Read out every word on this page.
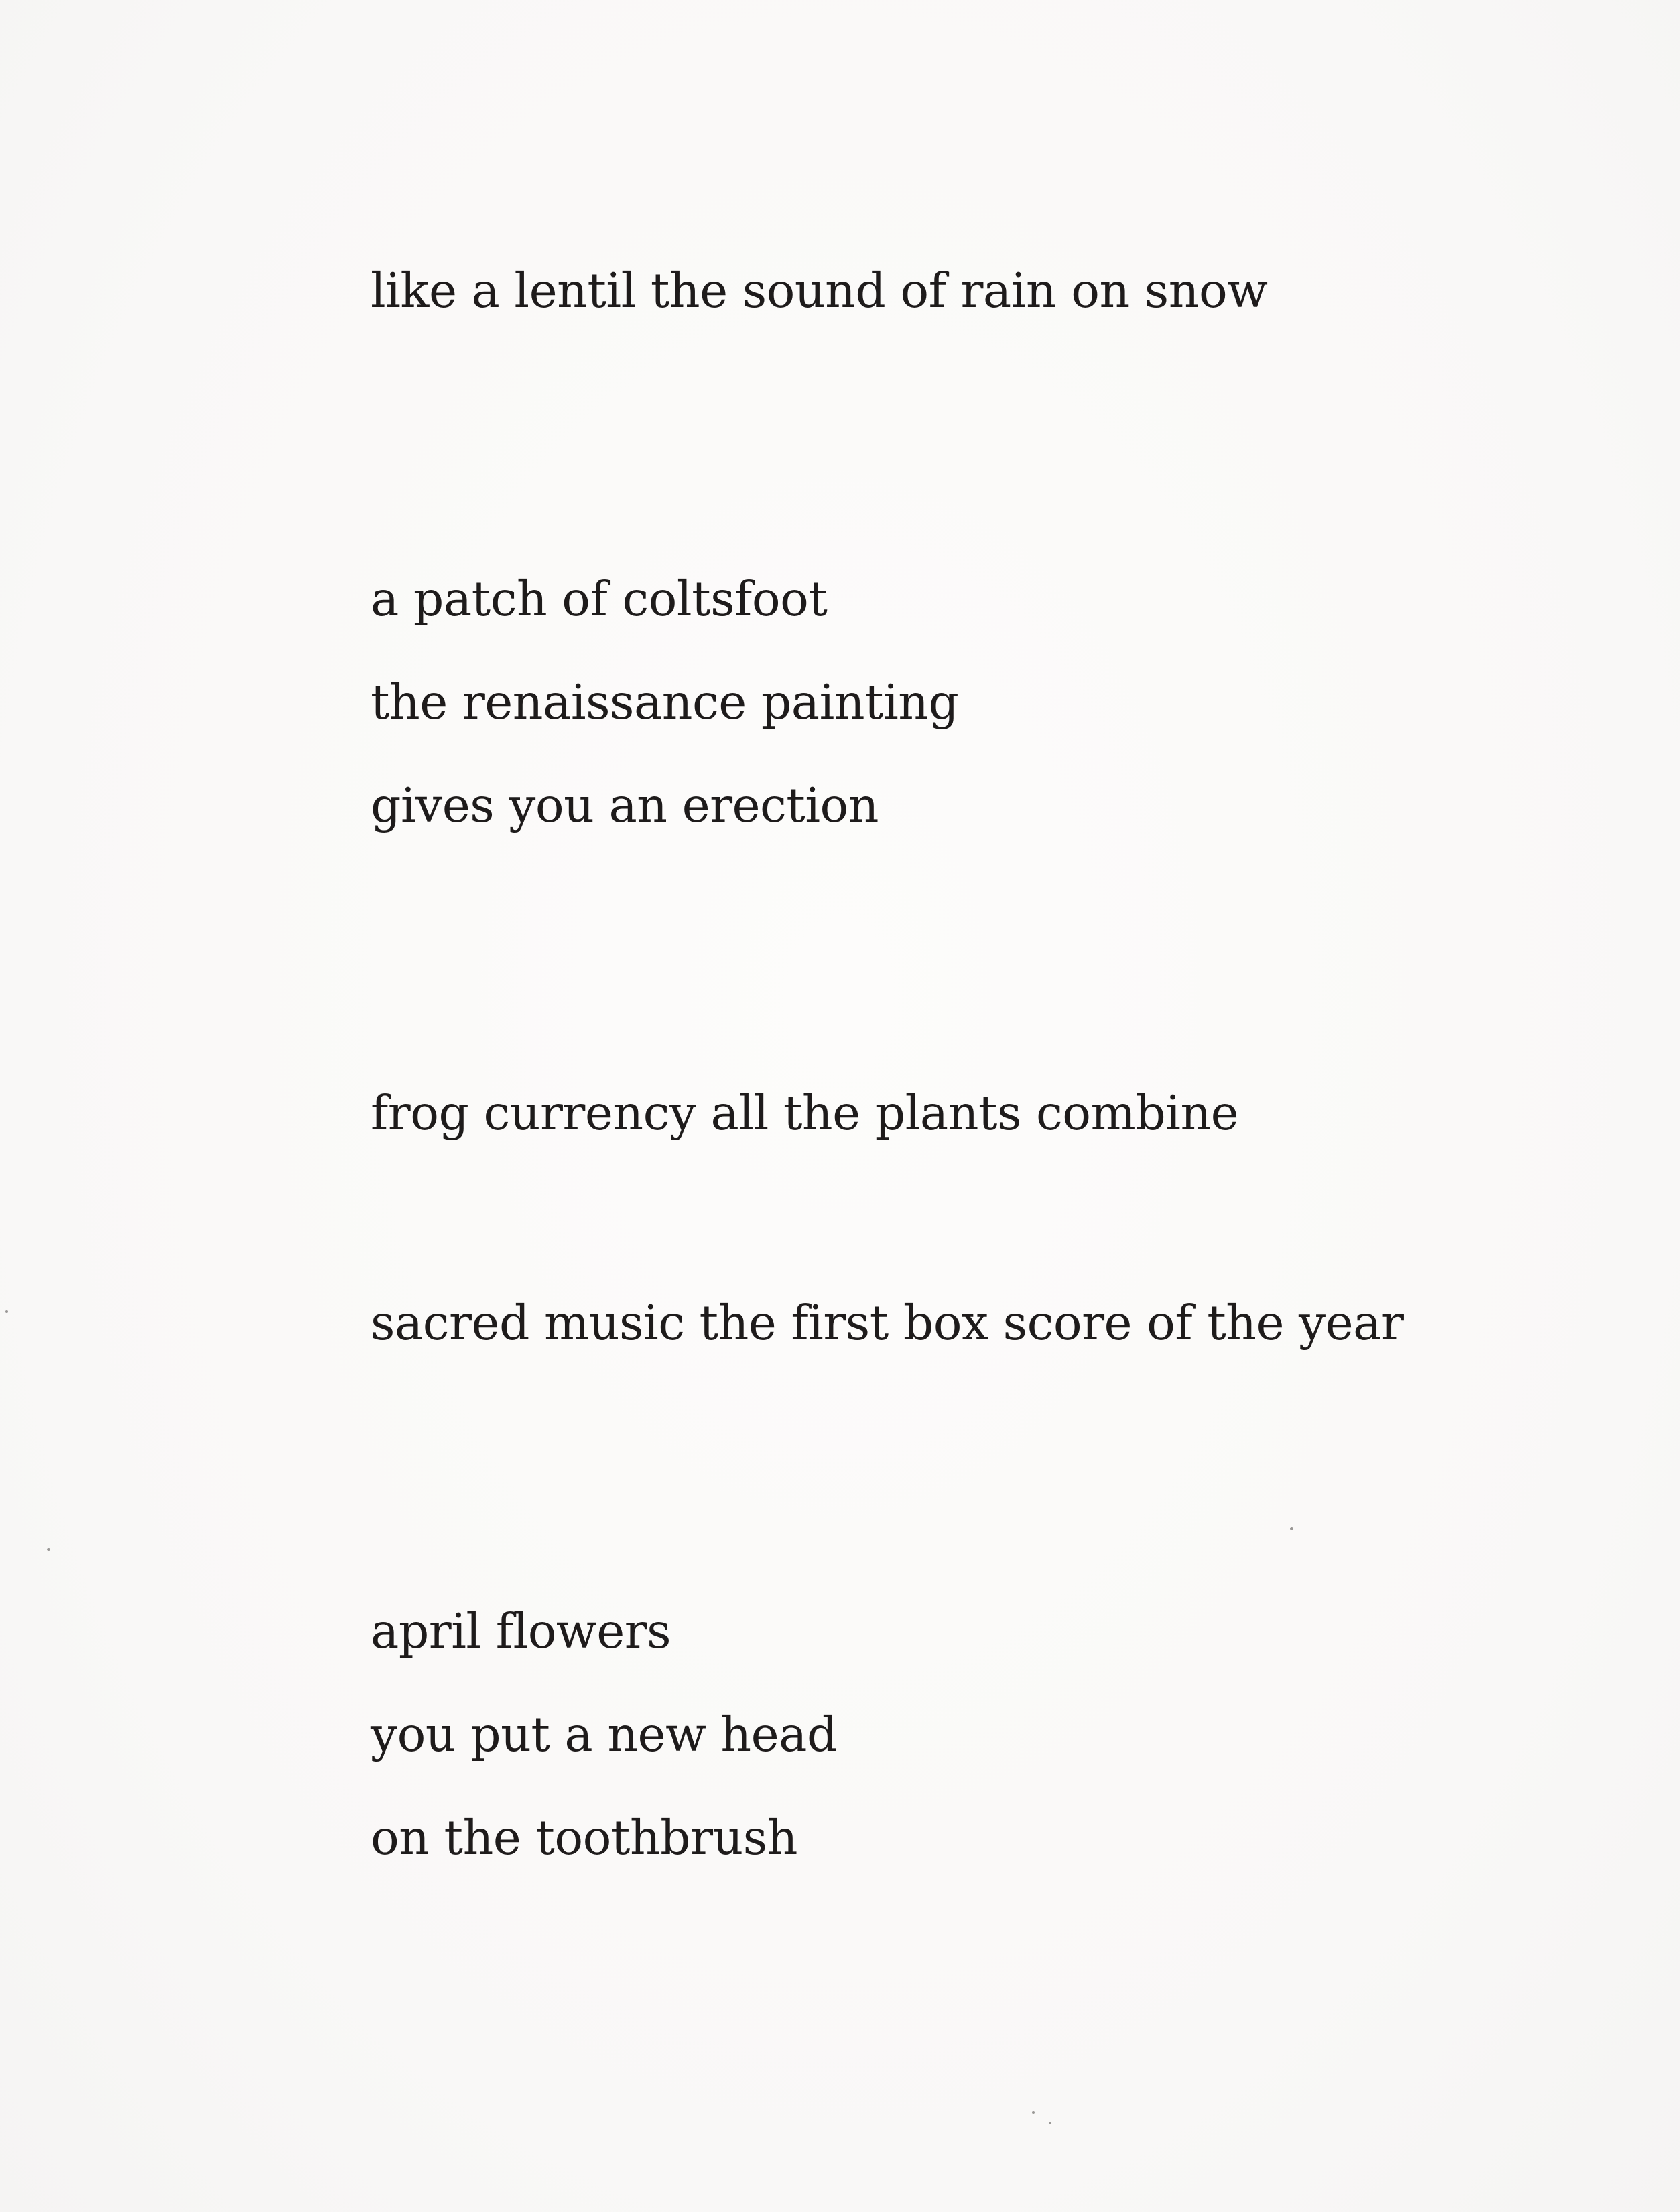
like a lentil the sound of rain on snow

a patch of coltsfoot

the renaissance painting

gives you an erection

frog currency all the plants combine

sacred music the first box score of the year

april flowers

you put a new head

on the toothbrush
